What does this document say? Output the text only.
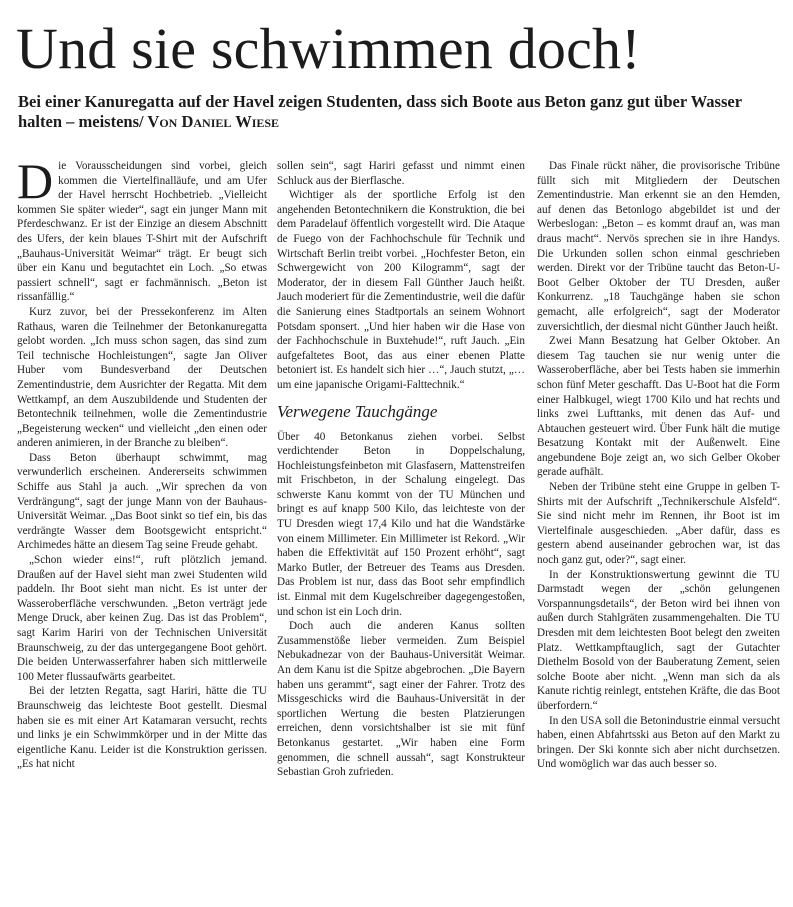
Und sie schwimmen doch!

Bei einer Kanuregatta auf der Havel zeigen Studenten, dass sich Boote aus Beton ganz gut über Wasser halten – meistens/ Von Daniel Wiese

Die Vorausscheidungen sind vorbei, gleich kommen die Viertelfinalläufe, und am Ufer der Havel herrscht Hochbetrieb. „Vielleicht kommen Sie später wieder“, sagt ein junger Mann mit Pferdeschwanz. Er ist der Einzige an diesem Abschnitt des Ufers, der kein blaues T-Shirt mit der Aufschrift „Bauhaus-Universität Weimar“ trägt. Er beugt sich über ein Kanu und begutachtet ein Loch. „So etwas passiert schnell“, sagt er fachmännisch. „Beton ist rissanfällig.“

Kurz zuvor, bei der Pressekonferenz im Alten Rathaus, waren die Teilnehmer der Betonkanuregatta gelobt worden. „Ich muss schon sagen, das sind zum Teil technische Hochleistungen“, sagte Jan Oliver Huber vom Bundesverband der Deutschen Zementindustrie, dem Ausrichter der Regatta. Mit dem Wettkampf, an dem Auszubildende und Studenten der Betontechnik teilnehmen, wolle die Zementindustrie „Begeisterung wecken“ und vielleicht „den einen oder anderen animieren, in der Branche zu bleiben“.

Dass Beton überhaupt schwimmt, mag verwunderlich erscheinen. Andererseits schwimmen Schiffe aus Stahl ja auch. „Wir sprechen da von Verdrängung“, sagt der junge Mann von der Bauhaus-Universität Weimar. „Das Boot sinkt so tief ein, bis das verdrängte Wasser dem Bootsgewicht entspricht.“ Archimedes hätte an diesem Tag seine Freude gehabt.

„Schon wieder eins!“, ruft plötzlich jemand. Draußen auf der Havel sieht man zwei Studenten wild paddeln. Ihr Boot sieht man nicht. Es ist unter der Wasseroberfläche verschwunden. „Beton verträgt jede Menge Druck, aber keinen Zug. Das ist das Problem“, sagt Karim Hariri von der Technischen Universität Braunschweig, zu der das untergegangene Boot gehört. Die beiden Unterwasserfahrer haben sich mittlerweile 100 Meter flussaufwärts gearbeitet.

Bei der letzten Regatta, sagt Hariri, hätte die TU Braunschweig das leichteste Boot gestellt. Diesmal haben sie es mit einer Art Katamaran versucht, rechts und links je ein Schwimmkörper und in der Mitte das eigentliche Kanu. Leider ist die Konstruktion gerissen. „Es hat nicht

sollen sein“, sagt Hariri gefasst und nimmt einen Schluck aus der Bierflasche.

Wichtiger als der sportliche Erfolg ist den angehenden Betontechnikern die Konstruktion, die bei dem Paradelauf öffentlich vorgestellt wird. Die Ataque de Fuego von der Fachhochschule für Technik und Wirtschaft Berlin treibt vorbei. „Hochfester Beton, ein Schwergewicht von 200 Kilogramm“, sagt der Moderator, der in diesem Fall Günther Jauch heißt. Jauch moderiert für die Zementindustrie, weil die dafür die Sanierung eines Stadtportals an seinem Wohnort Potsdam sponsert. „Und hier haben wir die Hase von der Fachhochschule in Buxtehude!“, ruft Jauch. „Ein aufgefaltetes Boot, das aus einer ebenen Platte betoniert ist. Es handelt sich hier …“, Jauch stutzt, „… um eine japanische Origami-Falttechnik.“

Verwegene Tauchgänge

Über 40 Betonkanus ziehen vorbei. Selbst verdichtender Beton in Doppelschalung, Hochleistungsfeinbeton mit Glasfasern, Mattenstreifen mit Frischbeton, in der Schalung eingelegt. Das schwerste Kanu kommt von der TU München und bringt es auf knapp 500 Kilo, das leichteste von der TU Dresden wiegt 17,4 Kilo und hat die Wandstärke von einem Millimeter. Ein Millimeter ist Rekord. „Wir haben die Effektivität auf 150 Prozent erhöht“, sagt Marko Butler, der Betreuer des Teams aus Dresden. Das Problem ist nur, dass das Boot sehr empfindlich ist. Einmal mit dem Kugelschreiber dagegengestoßen, und schon ist ein Loch drin.

Doch auch die anderen Kanus sollten Zusammenstöße lieber vermeiden. Zum Beispiel Nebukadnezar von der Bauhaus-Universität Weimar. An dem Kanu ist die Spitze abgebrochen. „Die Bayern haben uns gerammt“, sagt einer der Fahrer. Trotz des Missgeschicks wird die Bauhaus-Universität in der sportlichen Wertung die besten Platzierungen erreichen, denn vorsichtshalber ist sie mit fünf Betonkanus gestartet. „Wir haben eine Form genommen, die schnell aussah“, sagt Konstrukteur Sebastian Groh zufrieden.

Das Finale rückt näher, die provisorische Tribüne füllt sich mit Mitgliedern der Deutschen Zementindustrie. Man erkennt sie an den Hemden, auf denen das Betonlogo abgebildet ist und der Werbeslogan: „Beton – es kommt drauf an, was man draus macht“. Nervös sprechen sie in ihre Handys. Die Urkunden sollen schon einmal geschrieben werden. Direkt vor der Tribüne taucht das Beton-U-Boot Gelber Oktober der TU Dresden, außer Konkurrenz. „18 Tauchgänge haben sie schon gemacht, alle erfolgreich“, sagt der Moderator zuversichtlich, der diesmal nicht Günther Jauch heißt.

Zwei Mann Besatzung hat Gelber Oktober. An diesem Tag tauchen sie nur wenig unter die Wasseroberfläche, aber bei Tests haben sie immerhin schon fünf Meter geschafft. Das U-Boot hat die Form einer Halbkugel, wiegt 1700 Kilo und hat rechts und links zwei Lufttanks, mit denen das Auf- und Abtauchen gesteuert wird. Über Funk hält die mutige Besatzung Kontakt mit der Außenwelt. Eine angebundene Boje zeigt an, wo sich Gelber Okober gerade aufhält.

Neben der Tribüne steht eine Gruppe in gelben T-Shirts mit der Aufschrift „Technikerschule Alsfeld“. Sie sind nicht mehr im Rennen, ihr Boot ist im Viertelfinale ausgeschieden. „Aber dafür, dass es gestern abend auseinander gebrochen war, ist das noch ganz gut, oder?“, sagt einer.

In der Konstruktionswertung gewinnt die TU Darmstadt wegen der „schön gelungenen Vorspannungsdetails“, der Beton wird bei ihnen von außen durch Stahlgräten zusammengehalten. Die TU Dresden mit dem leichtesten Boot belegt den zweiten Platz. Wettkampftauglich, sagt der Gutachter Diethelm Bosold von der Bauberatung Zement, seien solche Boote aber nicht. „Wenn man sich da als Kanute richtig reinlegt, entstehen Kräfte, die das Boot überfordern.“

In den USA soll die Betonindustrie einmal versucht haben, einen Abfahrtsski aus Beton auf den Markt zu bringen. Der Ski konnte sich aber nicht durchsetzen. Und womöglich war das auch besser so.
